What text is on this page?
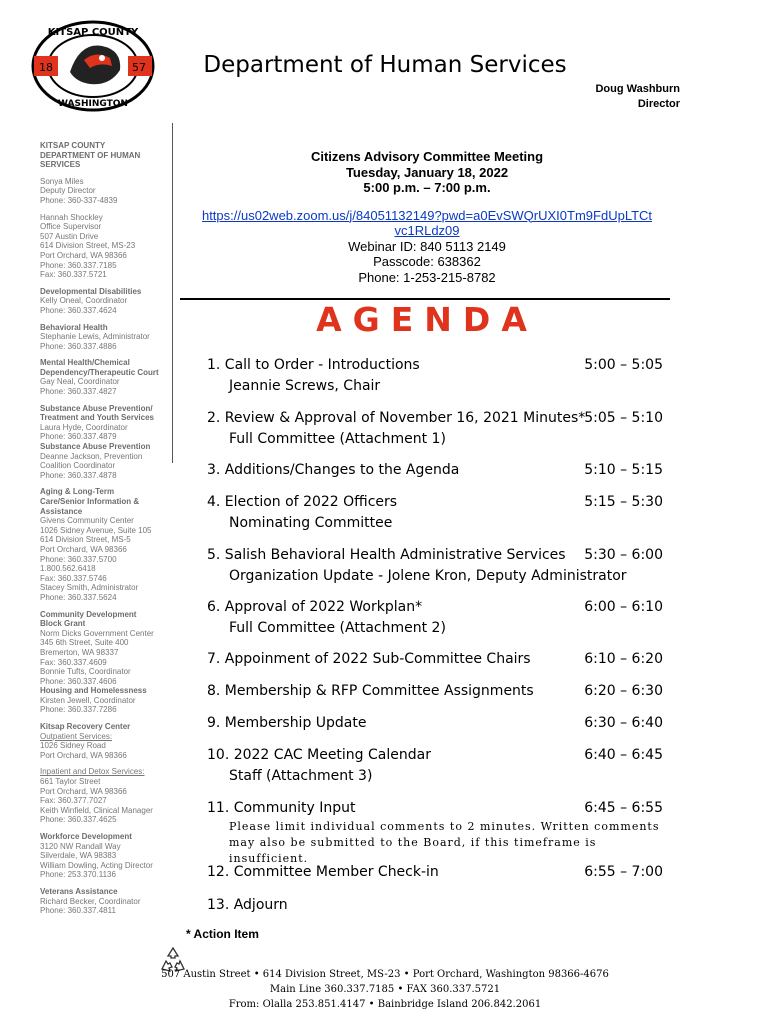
18	57
KITSAP COUNTY
WASHINGTON
Department of Human Services
Doug Washburn
Director
KITSAP COUNTY
DEPARTMENT OF HUMAN
SERVICES
Sonya Miles
Deputy Director
Phone: 360-337-4839
Hannah Shockley
Office Supervisor
507 Austin Drive
614 Division Street, MS-23
Port Orchard, WA 98366
Phone: 360.337.7185
Fax: 360.337.5721
Developmental Disabilities
Kelly Oneal, Coordinator
Phone: 360.337.4624
Behavioral Health
Stephanie Lewis, Administrator
Phone: 360.337.4886
Mental Health/Chemical
Dependency/Therapeutic Court
Gay Neal, Coordinator
Phone: 360.337.4827
Substance Abuse Prevention/
Treatment and Youth Services
Laura Hyde, Coordinator
Phone: 360.337.4879
Substance Abuse Prevention
Deanne Jackson, Prevention
Coalition Coordinator
Phone: 360.337.4878
Aging & Long-Term
Care/Senior Information &
Assistance
Givens Community Center
1026 Sidney Avenue, Suite 105
614 Division Street, MS-5
Port Orchard, WA 98366
Phone: 360.337.5700
1.800.562.6418
Fax: 360.337.5746
Stacey Smith, Administrator
Phone: 360.337.5624
Community Development
Block Grant
Norm Dicks Government Center
345 6th Street, Suite 400
Bremerton, WA 98337
Fax: 360.337.4609
Bonnie Tufts, Coordinator
Phone: 360.337.4606
Housing and Homelessness
Kirsten Jewell, Coordinator
Phone: 360.337.7286
Kitsap Recovery Center
Outpatient Services:
1026 Sidney Road
Port Orchard, WA 98366
Inpatient and Detox Services:
661 Taylor Street
Port Orchard, WA 98366
Fax: 360.377.7027
Keith Winfield, Clinical Manager
Phone: 360.337.4625
Workforce Development
3120 NW Randall Way
Silverdale, WA 98383
William Dowling, Acting Director
Phone: 253.370.1136
Veterans Assistance
Richard Becker, Coordinator
Phone: 360.337.4811
Citizens Advisory Committee Meeting
Tuesday, January 18, 2022
5:00 p.m. – 7:00 p.m.
https://us02web.zoom.us/j/84051132149?pwd=a0EvSWQrUXI0Tm9FdUpLTCt
vc1RLdz09
Webinar ID: 840 5113 2149
Passcode: 638362
Phone: 1-253-215-8782
AGENDA
1. Call to Order - Introductions	5:00 – 5:05
Jeannie Screws, Chair
2. Review & Approval of November 16, 2021 Minutes*
5:05 – 5:10
Full Committee (Attachment 1)
3. Additions/Changes to the Agenda	5:10 – 5:15
4. Election of 2022 Officers	5:15 – 5:30
Nominating Committee
5. Salish Behavioral Health Administrative Services	5:30 – 6:00
Organization Update - Jolene Kron, Deputy Administrator
6. Approval of 2022 Workplan*	6:00 – 6:10
Full Committee (Attachment 2)
7. Appoinment of 2022 Sub-Committee Chairs	6:10 – 6:20
8. Membership & RFP Committee Assignments	6:20 – 6:30
9. Membership Update	6:30 – 6:40
10. 2022 CAC Meeting Calendar	6:40 – 6:45
Staff (Attachment 3)
11. Community Input	6:45 – 6:55
Please limit individual comments to 2 minutes. Written comments may also be submitted to the Board, if this timeframe is insufficient.
12. Committee Member Check-in	6:55 – 7:00
13. Adjourn
* Action Item
507 Austin Street • 614 Division Street, MS-23 • Port Orchard, Washington 98366-4676
Main Line 360.337.7185 • FAX 360.337.5721
From: Olalla 253.851.4147 • Bainbridge Island 206.842.2061
